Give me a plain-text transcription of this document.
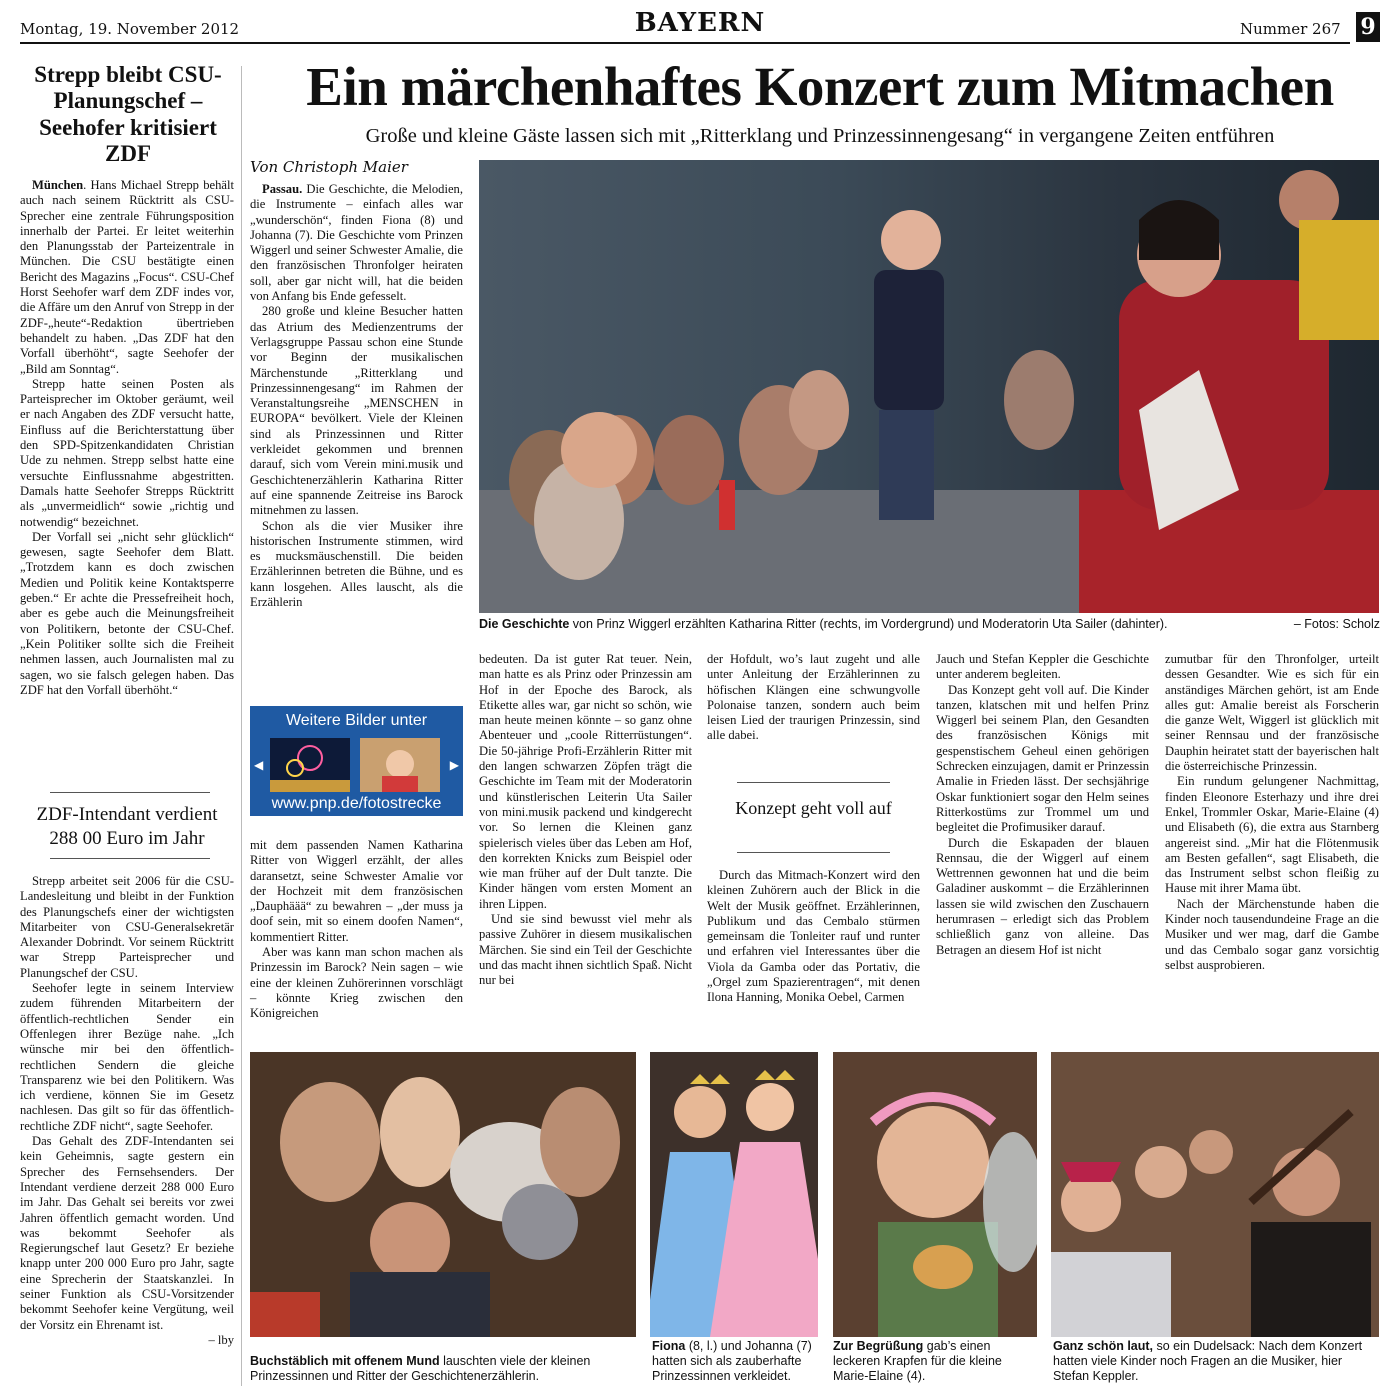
Montag, 19. November 2012	BAYERN	Nummer 267 9
Strepp bleibt CSU-Planungschef – Seehofer kritisiert ZDF

München. Hans Michael Strepp behält auch nach seinem Rücktritt als CSU-Sprecher eine zentrale Führungsposition innerhalb der Partei. Er leitet weiterhin den Planungsstab der Parteizentrale in München. Die CSU bestätigte einen Bericht des Magazins „Focus“. CSU-Chef Horst Seehofer warf dem ZDF indes vor, die Affäre um den Anruf von Strepp in der ZDF-„heute“-Redaktion übertrieben behandelt zu haben. „Das ZDF hat den Vorfall überhöht“, sagte Seehofer der „Bild am Sonntag“.

Strepp hatte seinen Posten als Parteisprecher im Oktober geräumt, weil er nach Angaben des ZDF versucht hatte, Einfluss auf die Berichterstattung über den SPD-Spitzenkandidaten Christian Ude zu nehmen. Strepp selbst hatte eine versuchte Einflussnahme abgestritten. Damals hatte Seehofer Strepps Rücktritt als „unvermeidlich“ sowie „richtig und notwendig“ bezeichnet.

Der Vorfall sei „nicht sehr glücklich“ gewesen, sagte Seehofer dem Blatt. „Trotzdem kann es doch zwischen Medien und Politik keine Kontaktsperre geben.“ Er achte die Pressefreiheit hoch, aber es gebe auch die Meinungsfreiheit von Politikern, betonte der CSU-Chef. „Kein Politiker sollte sich die Freiheit nehmen lassen, auch Journalisten mal zu sagen, wo sie falsch gelegen haben. Das ZDF hat den Vorfall überhöht.“

ZDF-Intendant verdient 288 00 Euro im Jahr

Strepp arbeitet seit 2006 für die CSU-Landesleitung und bleibt in der Funktion des Planungschefs einer der wichtigsten Mitarbeiter von CSU-Generalsekretär Alexander Dobrindt. Vor seinem Rücktritt war Strepp Parteisprecher und Planungschef der CSU.

Seehofer legte in seinem Interview zudem führenden Mitarbeitern der öffentlich-rechtlichen Sender ein Offenlegen ihrer Bezüge nahe. „Ich wünsche mir bei den öffentlich-rechtlichen Sendern die gleiche Transparenz wie bei den Politikern. Was ich verdiene, können Sie im Gesetz nachlesen. Das gilt so für das öffentlich-rechtliche ZDF nicht“, sagte Seehofer.

Das Gehalt des ZDF-Intendanten sei kein Geheimnis, sagte gestern ein Sprecher des Fernsehsenders. Der Intendant verdiene derzeit 288 000 Euro im Jahr. Das Gehalt sei bereits vor zwei Jahren öffentlich gemacht worden. Und was bekommt Seehofer als Regierungschef laut Gesetz? Er beziehe knapp unter 200 000 Euro pro Jahr, sagte eine Sprecherin der Staatskanzlei. In seiner Funktion als CSU-Vorsitzender bekommt Seehofer keine Vergütung, weil der Vorsitz ein Ehrenamt ist.

– lby
Ein märchenhaftes Konzert zum Mitmachen
Große und kleine Gäste lassen sich mit „Ritterklang und Prinzessinnengesang“ in vergangene Zeiten entführen
Von Christoph Maier
Die Geschichte von Prinz Wiggerl erzählten Katharina Ritter (rechts, im Vordergrund) und Moderatorin Uta Sailer (dahinter).	– Fotos: Scholz

Passau. Die Geschichte, die Melodien, die Instrumente – einfach alles war „wunderschön“, finden Fiona (8) und Johanna (7). Die Geschichte vom Prinzen Wiggerl und seiner Schwester Amalie, die den französischen Thronfolger heiraten soll, aber gar nicht will, hat die beiden von Anfang bis Ende gefesselt.

280 große und kleine Besucher hatten das Atrium des Medienzentrums der Verlagsgruppe Passau schon eine Stunde vor Beginn der musikalischen Märchenstunde „Ritterklang und Prinzessinnengesang“ im Rahmen der Veranstaltungsreihe „MENSCHEN in EUROPA“ bevölkert. Viele der Kleinen sind als Prinzessinnen und Ritter verkleidet gekommen und brennen darauf, sich vom Verein mini.musik und Geschichtenerzählerin Katharina Ritter auf eine spannende Zeitreise ins Barock mitnehmen zu lassen.

Schon als die vier Musiker ihre historischen Instrumente stimmen, wird es mucksmäuschenstill. Die beiden Erzählerinnen betreten die Bühne, und es kann losgehen. Alles lauscht, als die Erzählerin

Weitere Bilder unter
◀	▶
www.pnp.de/fotostrecke

mit dem passenden Namen Katharina Ritter von Wiggerl erzählt, der alles daransetzt, seine Schwester Amalie vor der Hochzeit mit dem französischen „Dauphäää“ zu bewahren – „der muss ja doof sein, mit so einem doofen Namen“, kommentiert Ritter.

Aber was kann man schon machen als Prinzessin im Barock? Nein sagen – wie eine der kleinen Zuhörerinnen vorschlägt – könnte Krieg zwischen den Königreichen

bedeuten. Da ist guter Rat teuer. Nein, man hatte es als Prinz oder Prinzessin am Hof in der Epoche des Barock, als Etikette alles war, gar nicht so schön, wie man heute meinen könnte – so ganz ohne Abenteuer und „coole Ritterrüstungen“. Die 50-jährige Profi-Erzählerin Ritter mit den langen schwarzen Zöpfen trägt die Geschichte im Team mit der Moderatorin und künstlerischen Leiterin Uta Sailer von mini.musik packend und kindgerecht vor. So lernen die Kleinen ganz spielerisch vieles über das Leben am Hof, den korrekten Knicks zum Beispiel oder wie man früher auf der Dult tanzte. Die Kinder hängen vom ersten Moment an ihren Lippen.

Und sie sind bewusst viel mehr als passive Zuhörer in diesem musikalischen Märchen. Sie sind ein Teil der Geschichte und das macht ihnen sichtlich Spaß. Nicht nur bei

der Hofdult, wo’s laut zugeht und alle unter Anleitung der Erzählerinnen zu höfischen Klängen eine schwungvolle Polonaise tanzen, sondern auch beim leisen Lied der traurigen Prinzessin, sind alle dabei.

Konzept geht voll auf

Durch das Mitmach-Konzert wird den kleinen Zuhörern auch der Blick in die Welt der Musik geöffnet. Erzählerinnen, Publikum und das Cembalo stürmen gemeinsam die Tonleiter rauf und runter und erfahren viel Interessantes über die Viola da Gamba oder das Portativ, die „Orgel zum Spazierentragen“, mit denen Ilona Hanning, Monika Oebel, Carmen

Jauch und Stefan Keppler die Geschichte unter anderem begleiten.

Das Konzept geht voll auf. Die Kinder tanzen, klatschen mit und helfen Prinz Wiggerl bei seinem Plan, den Gesandten des französischen Königs mit gespenstischem Geheul einen gehörigen Schrecken einzujagen, damit er Prinzessin Amalie in Frieden lässt. Der sechsjährige Oskar funktioniert sogar den Helm seines Ritterkostüms zur Trommel um und begleitet die Profimusiker darauf.

Durch die Eskapaden der blauen Rennsau, die der Wiggerl auf einem Wettrennen gewonnen hat und die beim Galadiner auskommt – die Erzählerinnen lassen sie wild zwischen den Zuschauern herumrasen – erledigt sich das Problem schließlich ganz von alleine. Das Betragen an diesem Hof ist nicht

zumutbar für den Thronfolger, urteilt dessen Gesandter. Wie es sich für ein anständiges Märchen gehört, ist am Ende alles gut: Amalie bereist als Forscherin die ganze Welt, Wiggerl ist glücklich mit seiner Rennsau und der französische Dauphin heiratet statt der bayerischen halt die österreichische Prinzessin.

Ein rundum gelungener Nachmittag, finden Eleonore Esterhazy und ihre drei Enkel, Trommler Oskar, Marie-Elaine (4) und Elisabeth (6), die extra aus Starnberg angereist sind. „Mir hat die Flötenmusik am Besten gefallen“, sagt Elisabeth, die das Instrument selbst schon fleißig zu Hause mit ihrer Mama übt.

Nach der Märchenstunde haben die Kinder noch tausendundeine Frage an die Musiker und wer mag, darf die Gambe und das Cembalo sogar ganz vorsichtig selbst ausprobieren.

Buchstäblich mit offenem Mund lauschten viele der kleinen Prinzessinnen und Ritter der Geschichtenerzählerin.
Fiona (8, l.) und Johanna (7) hatten sich als zauberhafte Prinzessinnen verkleidet.
Zur Begrüßung gab’s einen leckeren Krapfen für die kleine Marie-Elaine (4).
Ganz schön laut, so ein Dudelsack: Nach dem Konzert hatten viele Kinder noch Fragen an die Musiker, hier Stefan Keppler.
